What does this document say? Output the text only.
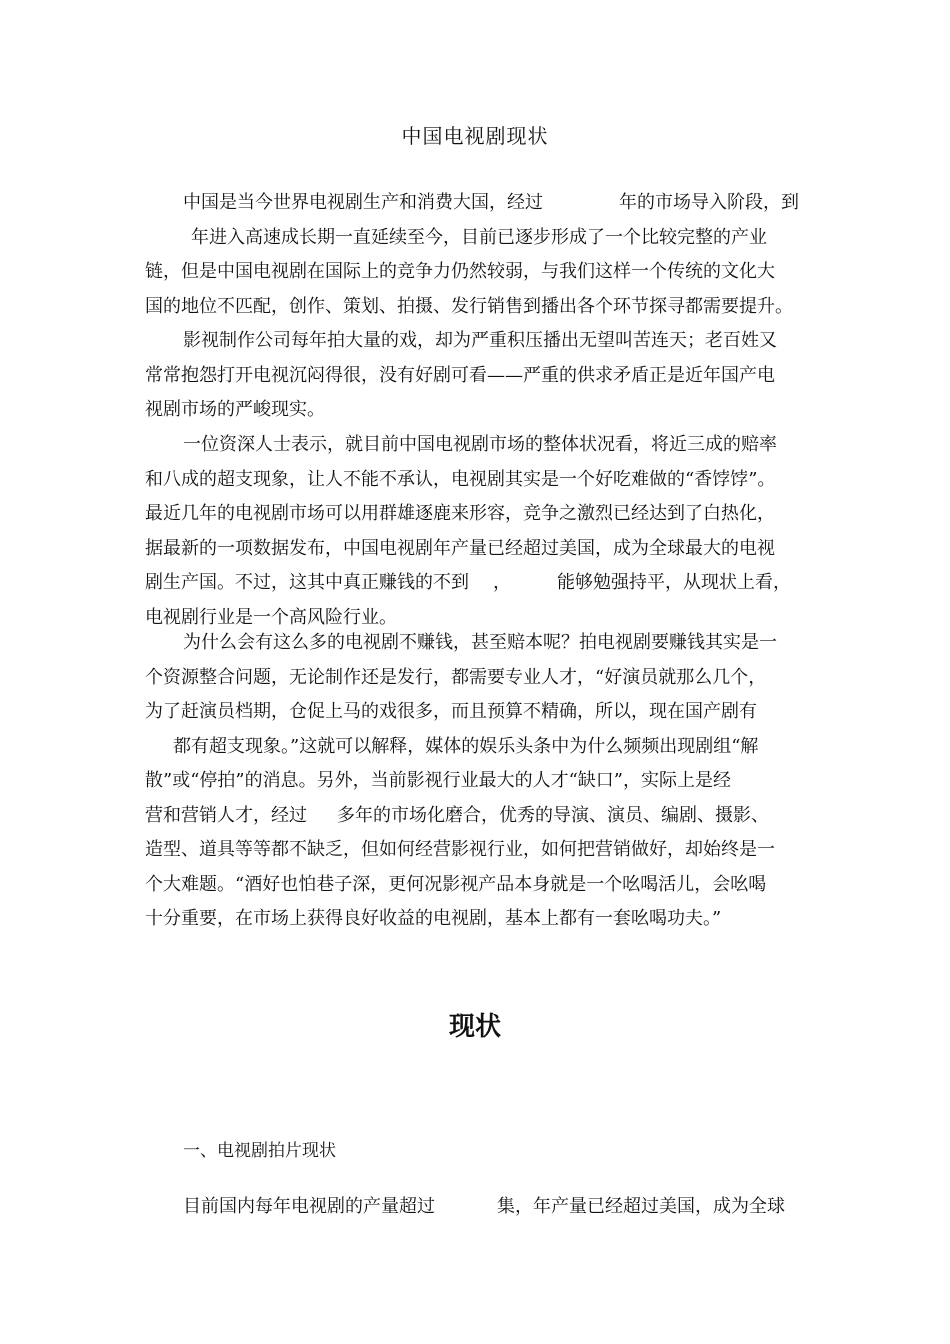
中国电视剧现状
中国是当今世界电视剧生产和消费大国，经过	年的市场导入阶段，到
年进入高速成长期一直延续至今，目前已逐步形成了一个比较完整的产业
链，但是中国电视剧在国际上的竞争力仍然较弱，与我们这样一个传统的文化大
国的地位不匹配，创作、策划、拍摄、发行销售到播出各个环节探寻都需要提升。
影视制作公司每年拍大量的戏，却为严重积压播出无望叫苦连天；老百姓又
常常抱怨打开电视沉闷得很，没有好剧可看——严重的供求矛盾正是近年国产电
视剧市场的严峻现实。
一位资深人士表示，就目前中国电视剧市场的整体状况看，将近三成的赔率
和八成的超支现象，让人不能不承认，电视剧其实是一个好吃难做的“香饽饽”。
最近几年的电视剧市场可以用群雄逐鹿来形容，竞争之激烈已经达到了白热化，
据最新的一项数据发布，中国电视剧年产量已经超过美国，成为全球最大的电视
剧生产国。不过，这其中真正赚钱的不到 ，	能够勉强持平，从现状上看，
电视剧行业是一个高风险行业。
为什么会有这么多的电视剧不赚钱，甚至赔本呢？拍电视剧要赚钱其实是一
个资源整合问题，无论制作还是发行，都需要专业人才，“好演员就那么几个，
为了赶演员档期，仓促上马的戏很多，而且预算不精确，所以，现在国产剧有
都有超支现象。”这就可以解释，媒体的娱乐头条中为什么频频出现剧组“解
散”或“停拍”的消息。另外，当前影视行业最大的人才“缺口”，实际上是经
营和营销人才，经过 多年的市场化磨合，优秀的导演、演员、编剧、摄影、
造型、道具等等都不缺乏，但如何经营影视行业，如何把营销做好，却始终是一
个大难题。“酒好也怕巷子深，更何况影视产品本身就是一个吆喝活儿，会吆喝
十分重要，在市场上获得良好收益的电视剧，基本上都有一套吆喝功夫。”
现状
一、电视剧拍片现状
目前国内每年电视剧的产量超过	集，年产量已经超过美国，成为全球
